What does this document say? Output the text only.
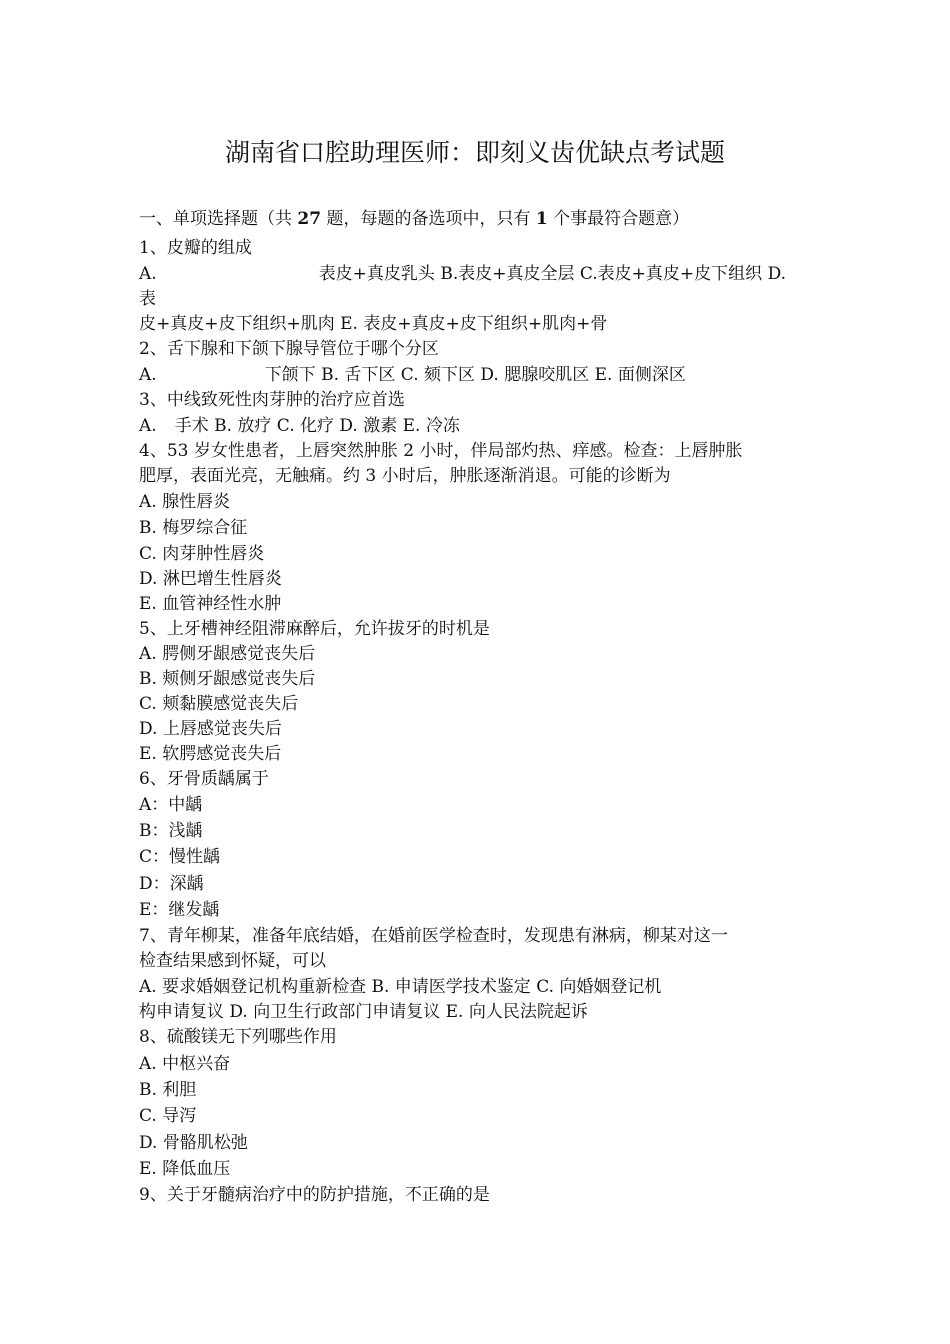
湖南省口腔助理医师：即刻义齿优缺点考试题
一、单项选择题（共 27 题，每题的备选项中，只有 1 个事最符合题意）
1、皮瓣的组成
A.	表皮+真皮乳头 B.表皮+真皮全层 C.表皮+真皮+皮下组织 D.
表
皮+真皮+皮下组织+肌肉 E. 表皮+真皮+皮下组织+肌肉+骨
2、舌下腺和下颌下腺导管位于哪个分区
A.	下颌下 B. 舌下区 C. 颏下区 D. 腮腺咬肌区 E. 面侧深区
3、中线致死性肉芽肿的治疗应首选
A. 手术 B. 放疗 C. 化疗 D. 激素 E. 冷冻
4、53 岁女性患者，上唇突然肿胀 2 小时，伴局部灼热、痒感。检查：上唇肿胀
肥厚，表面光亮，无触痛。约 3 小时后，肿胀逐渐消退。可能的诊断为
A. 腺性唇炎
B. 梅罗综合征
C. 肉芽肿性唇炎
D. 淋巴增生性唇炎
E. 血管神经性水肿
5、上牙槽神经阻滞麻醉后，允许拔牙的时机是
A. 腭侧牙龈感觉丧失后
B. 颊侧牙龈感觉丧失后
C. 颊黏膜感觉丧失后
D. 上唇感觉丧失后
E. 软腭感觉丧失后
6、牙骨质龋属于
A：中龋
B：浅龋
C：慢性龋
D：深龋
E：继发龋
7、青年柳某，准备年底结婚，在婚前医学检查时，发现患有淋病，柳某对这一
检查结果感到怀疑，可以
A. 要求婚姻登记机构重新检查 B. 申请医学技术鉴定 C. 向婚姻登记机
构申请复议 D. 向卫生行政部门申请复议 E. 向人民法院起诉
8、硫酸镁无下列哪些作用
A. 中枢兴奋
B. 利胆
C. 导泻
D. 骨骼肌松弛
E. 降低血压
9、关于牙髓病治疗中的防护措施，不正确的是
